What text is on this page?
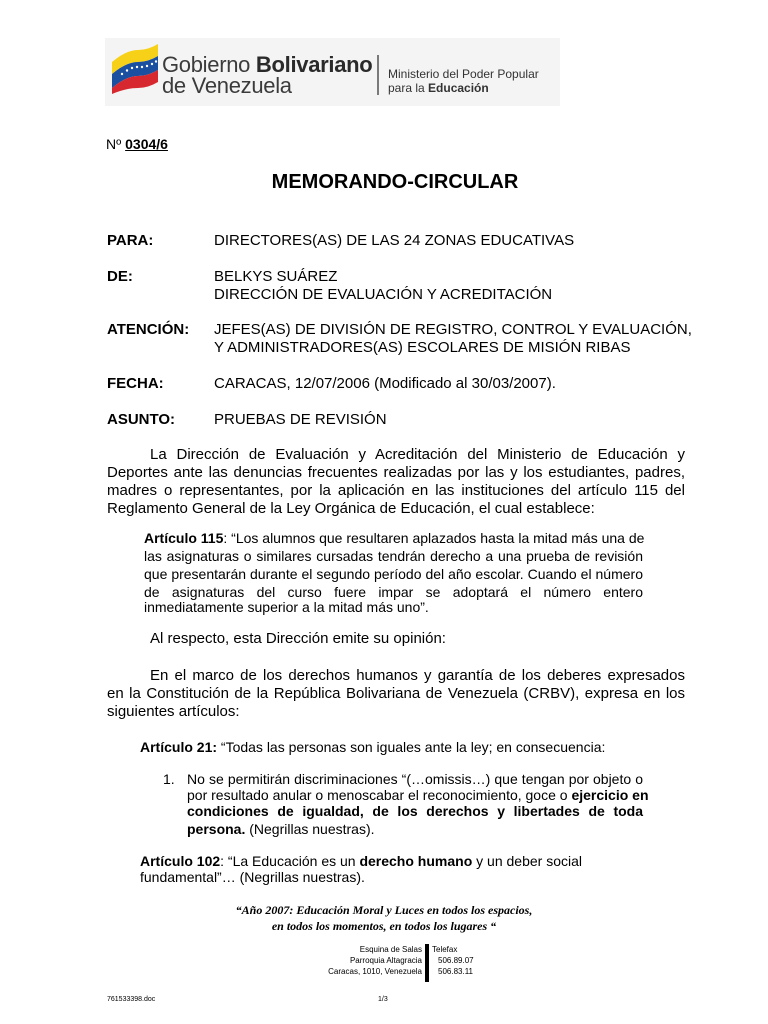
Gobierno Bolivariano
de Venezuela	Ministerio del Poder Popular
para la Educación
Nº 0304/6
MEMORANDO-CIRCULAR
PARA:	DIRECTORES(AS) DE LAS 24 ZONAS EDUCATIVAS
DE:	BELKYS SUÁREZ
DIRECCIÓN DE EVALUACIÓN Y ACREDITACIÓN
ATENCIÓN: JEFES(AS) DE DIVISIÓN DE REGISTRO, CONTROL Y EVALUACIÓN,
Y ADMINISTRADORES(AS) ESCOLARES DE MISIÓN RIBAS
FECHA:	CARACAS, 12/07/2006 (Modificado al 30/03/2007).
ASUNTO:	PRUEBAS DE REVISIÓN
La Dirección de Evaluación y Acreditación del Ministerio de Educación y
Deportes ante las denuncias frecuentes realizadas por las y los estudiantes, padres,
madres o representantes, por la aplicación en las instituciones del artículo 115 del
Reglamento General de la Ley Orgánica de Educación, el cual establece:
Artículo 115: “Los alumnos que resultaren aplazados hasta la mitad más una de
las asignaturas o similares cursadas tendrán derecho a una prueba de revisión
que presentarán durante el segundo período del año escolar. Cuando el número
de asignaturas del curso fuere impar se adoptará el número entero
inmediatamente superior a la mitad más uno”.
Al respecto, esta Dirección emite su opinión:
En el marco de los derechos humanos y garantía de los deberes expresados
en la Constitución de la República Bolivariana de Venezuela (CRBV), expresa en los
siguientes artículos:
Artículo 21: “Todas las personas son iguales ante la ley; en consecuencia:
1. No se permitirán discriminaciones “(…omissis…) que tengan por objeto o
por resultado anular o menoscabar el reconocimiento, goce o ejercicio en
condiciones de igualdad, de los derechos y libertades de toda
persona. (Negrillas nuestras).
Artículo 102: “La Educación es un derecho humano y un deber social
fundamental”… (Negrillas nuestras).
“Año 2007: Educación Moral y Luces en todos los espacios,
en todos los momentos, en todos los lugares “
Esquina de Salas
Parroquia Altagracia
Caracas, 1010, Venezuela
Telefax
506.89.07
506.83.11
761533398.doc	1/3
